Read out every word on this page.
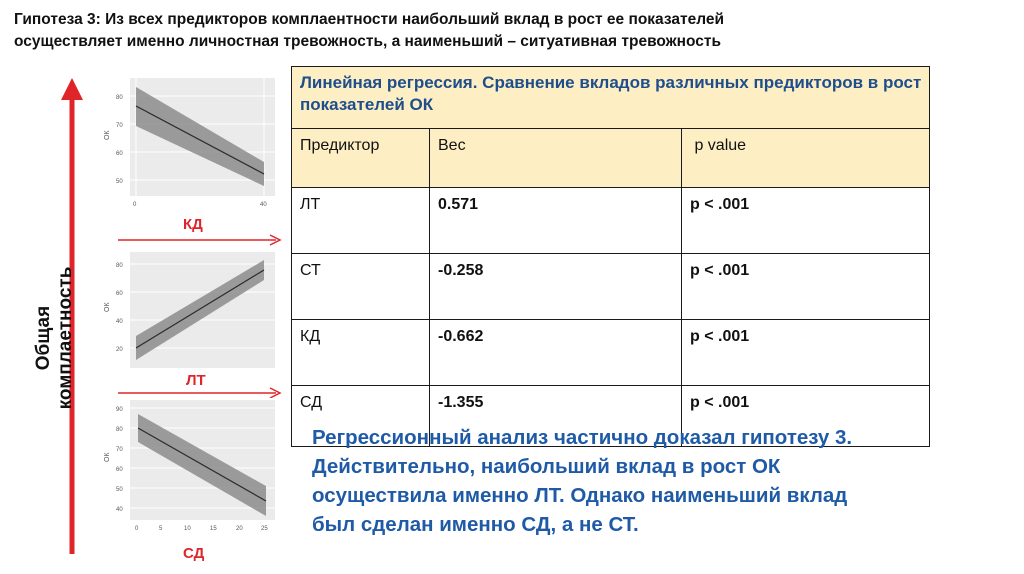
Гипотеза 3: Из всех предикторов комплаентности наибольший вклад в рост ее показателей
осуществляет именно личностная тревожность, а наименьший – ситуативная тревожность
Общая комплаетность
ОК
80
70
60
50
0	40
КД
ОК
80
60
40
20
ЛТ
ОК
90
80
70
60
50
40
0	5	10	15	20	25
СД
Линейная регрессия. Сравнение вкладов различных предикторов в рост показателей ОК		
Предиктор	Вес	p value
ЛТ	0.571	p < .001
СТ	-0.258	p < .001
КД	-0.662	p < .001
СД	-1.355	p < .001
Регрессионный анализ частично доказал гипотезу 3.
Действительно, наибольший вклад в рост ОК
осуществила именно ЛТ. Однако наименьший вклад
был сделан именно СД, а не СТ.
